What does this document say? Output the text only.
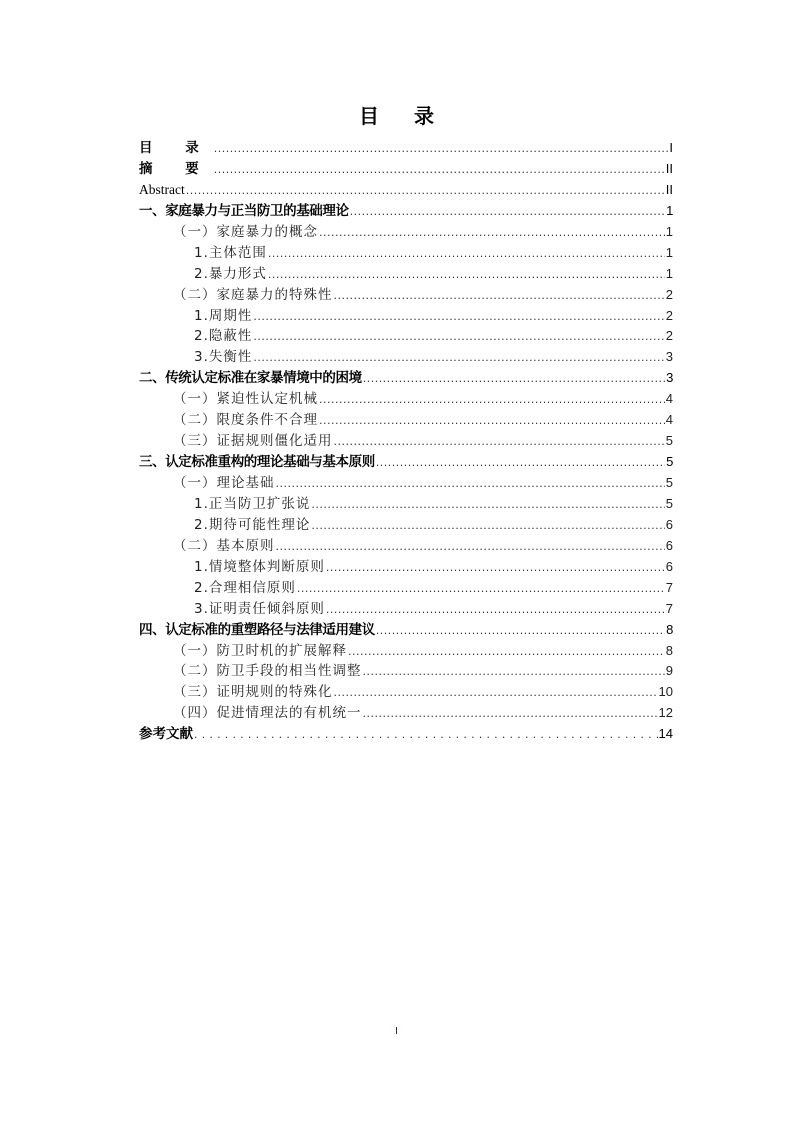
目 录
目 录 .....	I
摘 要 .....	II
Abstract .....	II
一、家庭暴力与正当防卫的基础理论 .....	1
（一）家庭暴力的概念 .....	1
1.主体范围 .....	1
2.暴力形式 .....	1
（二）家庭暴力的特殊性 .....	2
1.周期性 .....	2
2.隐蔽性 .....	2
3.失衡性 .....	3
二、传统认定标准在家暴情境中的困境 .....	3
（一）紧迫性认定机械 .....	4
（二）限度条件不合理 .....	4
（三）证据规则僵化适用 .....	5
三、认定标准重构的理论基础与基本原则 .....	5
（一）理论基础 .....	5
1.正当防卫扩张说 .....	5
2.期待可能性理论 .....	6
（二）基本原则 .....	6
1.情境整体判断原则 .....	6
2.合理相信原则 .....	7
3.证明责任倾斜原则 .....	7
四、认定标准的重塑路径与法律适用建议 .....	8
（一）防卫时机的扩展解释 .....	8
（二）防卫手段的相当性调整 .....	9
（三）证明规则的特殊化 .....	10
（四）促进情理法的有机统一 .....	12
参考文献 .....	14
I
